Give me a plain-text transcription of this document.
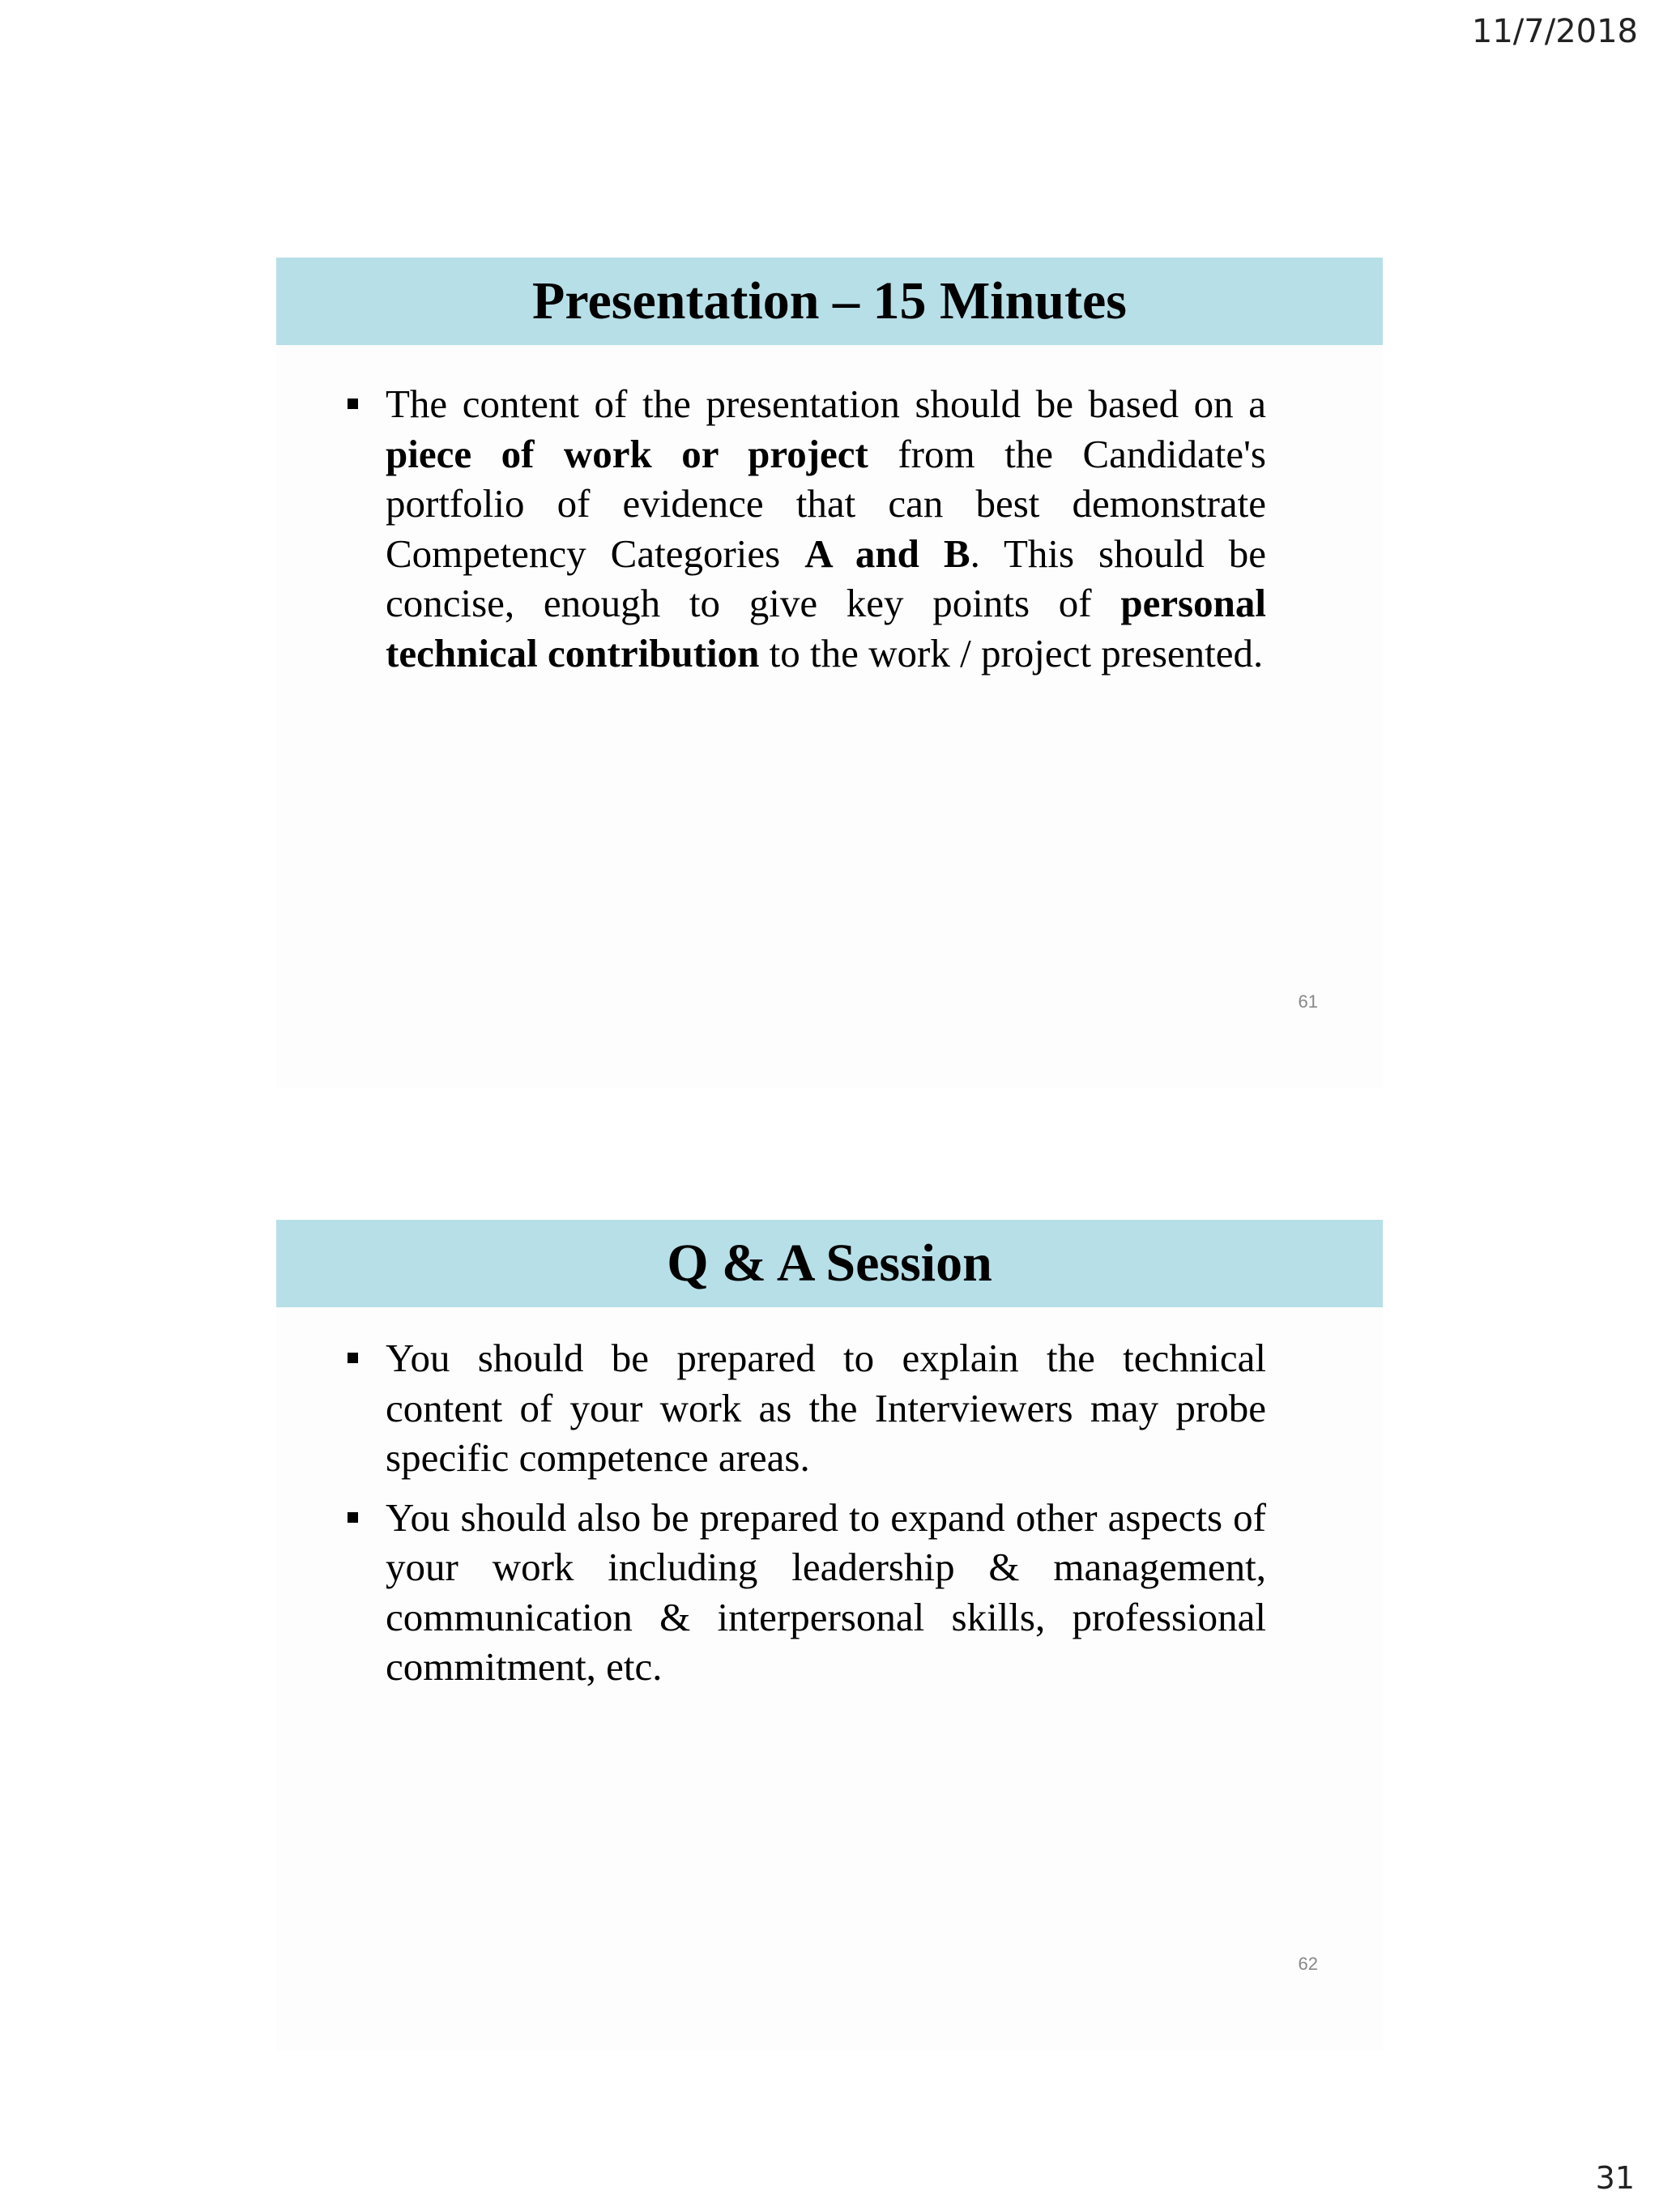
11/7/2018
Presentation – 15 Minutes
The content of the presentation should be based on a piece of work or project from the Candidate's portfolio of evidence that can best demonstrate Competency Categories A and B. This should be concise, enough to give key points of personal technical contribution to the work / project presented.
61
Q & A Session
You should be prepared to explain the technical content of your work as the Interviewers may probe specific competence areas.
You should also be prepared to expand other aspects of your work including leadership & management, communication & interpersonal skills, professional commitment, etc.
62
31
